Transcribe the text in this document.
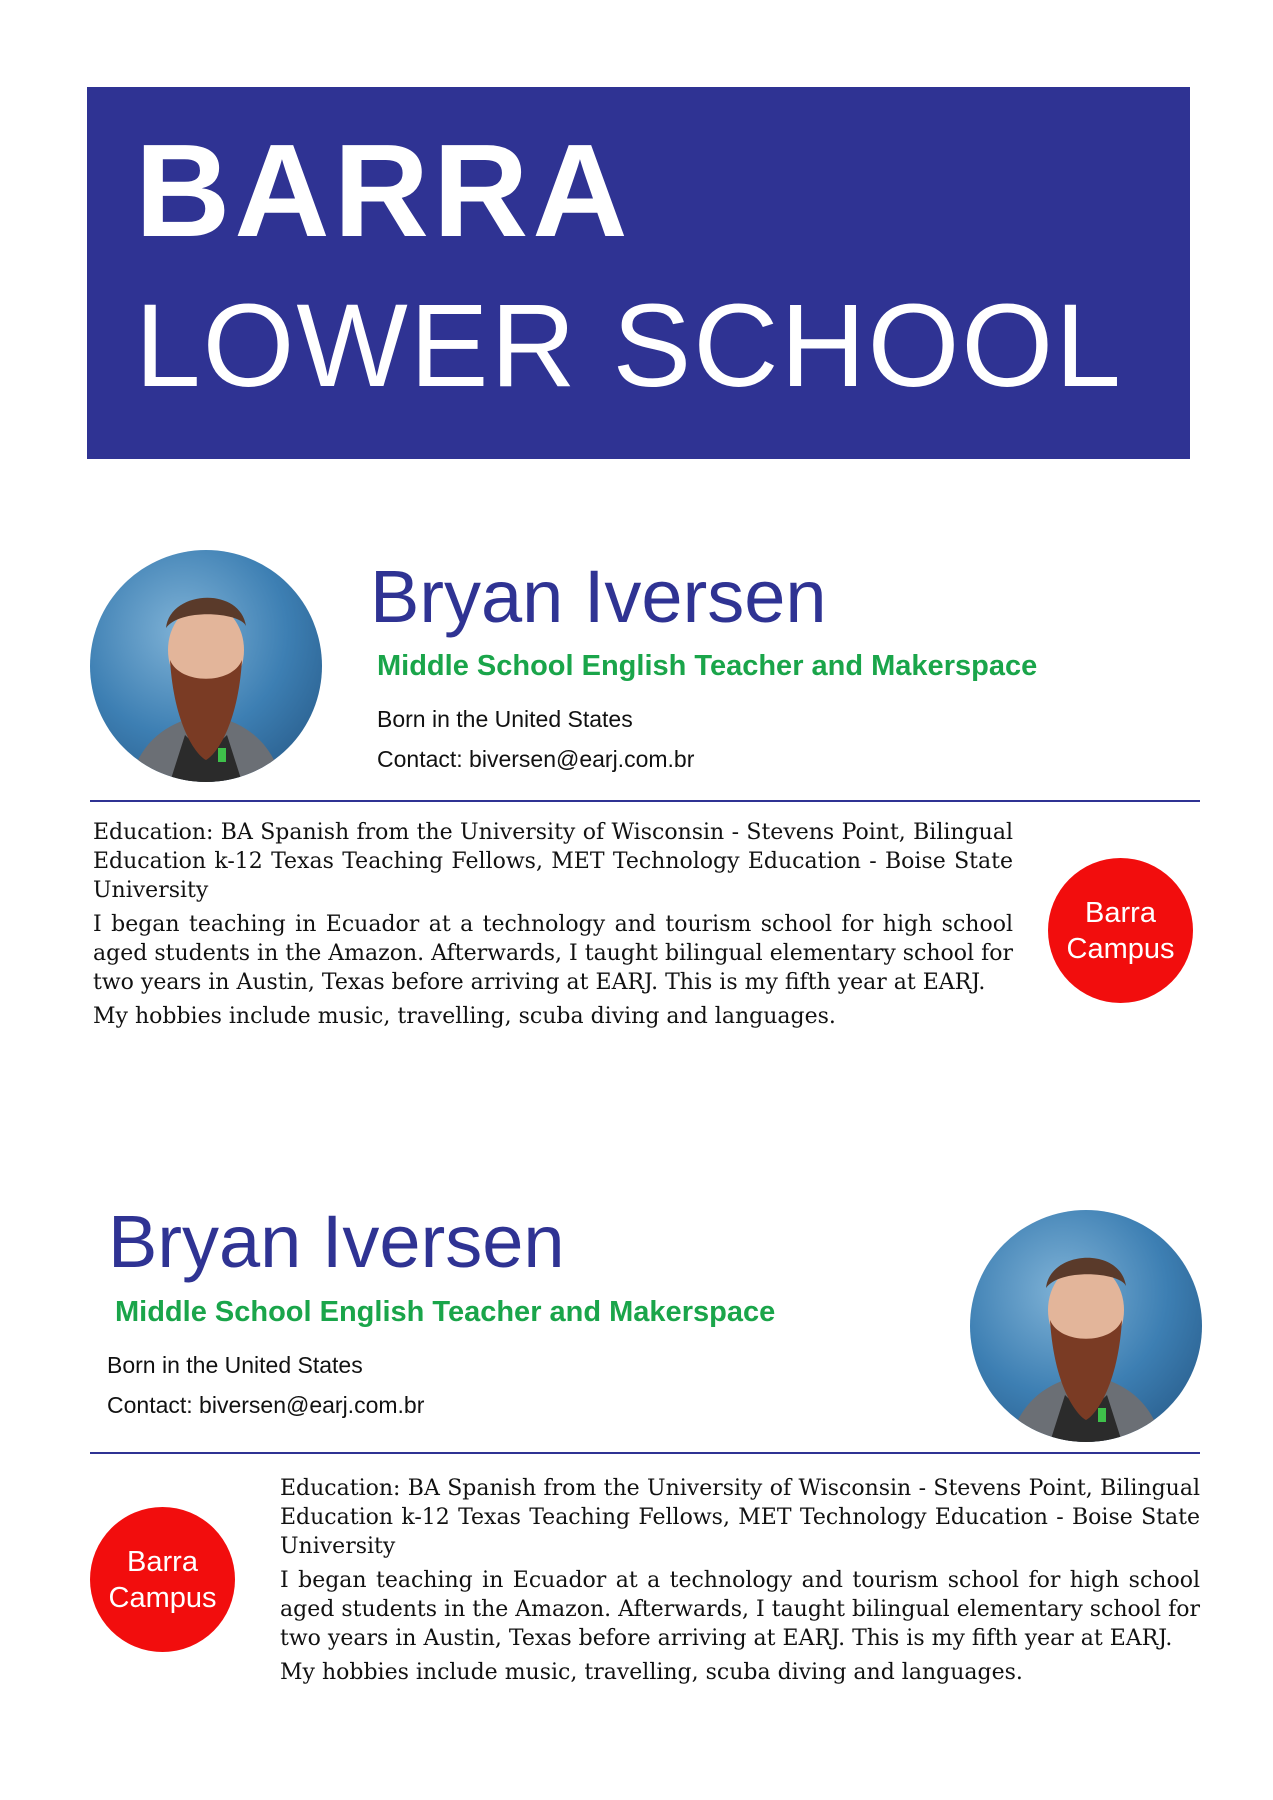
BARRA
LOWER SCHOOL
Bryan Iversen
Middle School English Teacher and Makerspace
Born in the United States
Contact: biversen@earj.com.br

Education: BA Spanish from the University of Wisconsin - Stevens Point, Bilingual Education k-12 Texas Teaching Fellows, MET Technology Education - Boise State University

I began teaching in Ecuador at a technology and tourism school for high school aged students in the Amazon. Afterwards, I taught bilingual elementary school for two years in Austin, Texas before arriving at EARJ. This is my fifth year at EARJ.

My hobbies include music, travelling, scuba diving and languages.

Barra
Campus
Bryan Iversen
Middle School English Teacher and Makerspace
Born in the United States
Contact: biversen@earj.com.br
Barra
Campus

Education: BA Spanish from the University of Wisconsin - Stevens Point, Bilingual Education k-12 Texas Teaching Fellows, MET Technology Education - Boise State University

I began teaching in Ecuador at a technology and tourism school for high school aged students in the Amazon. Afterwards, I taught bilingual elementary school for two years in Austin, Texas before arriving at EARJ. This is my fifth year at EARJ.

My hobbies include music, travelling, scuba diving and languages.
